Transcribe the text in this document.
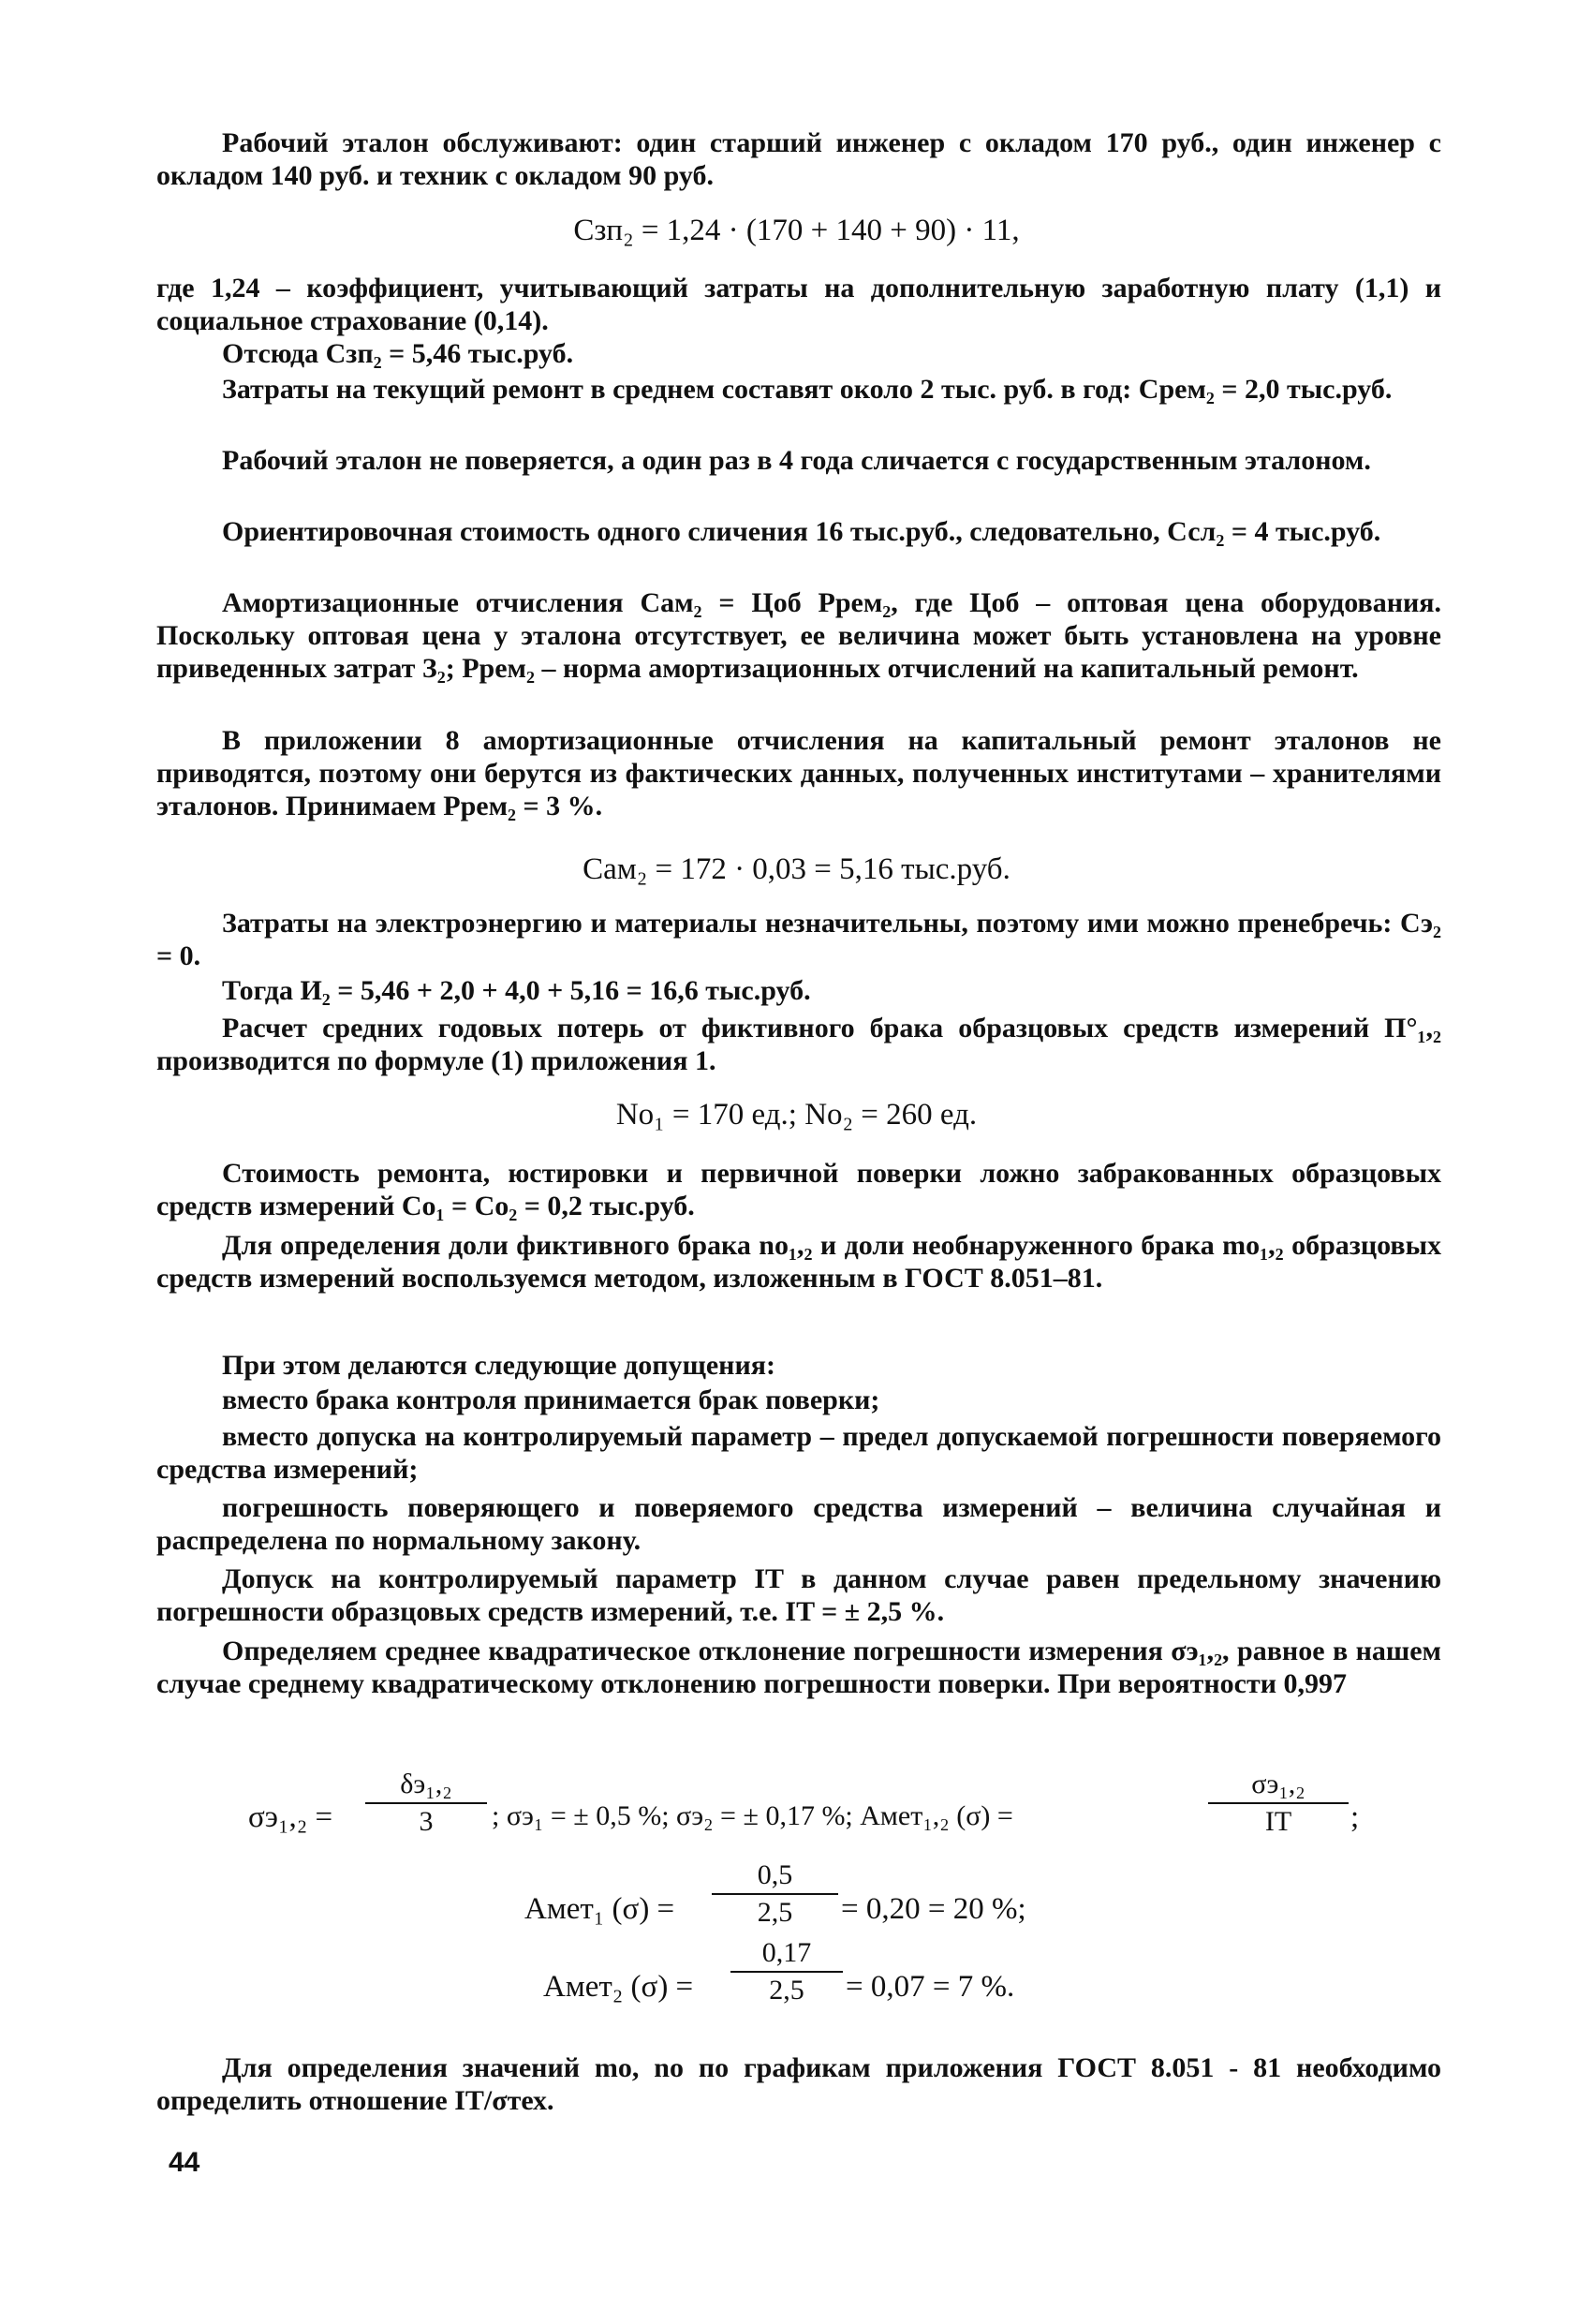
Рабочий эталон обслуживают: один старший инженер с окладом 170 руб., один инженер с окладом 140 руб. и техник с окладом 90 руб.

Сзп₂ = 1,24 · (170 + 140 + 90) · 11,

где 1,24 – коэффициент, учитывающий затраты на дополнительную заработную плату (1,1) и социальное страхование (0,14).

Отсюда Сзп₂ = 5,46 тыс.руб.

Затраты на текущий ремонт в среднем составят около 2 тыс. руб. в год: Срем₂ = 2,0 тыс.руб.

Рабочий эталон не поверяется, а один раз в 4 года сличается с государственным эталоном.

Ориентировочная стоимость одного сличения 16 тыс.руб., следовательно, Ссл₂ = 4 тыс.руб.

Амортизационные отчисления Сам₂ = Цоб Ррем₂, где Цоб – оптовая цена оборудования. Поскольку оптовая цена у эталона отсутствует, ее величина может быть установлена на уровне приведенных затрат З₂; Ррем₂ – норма амортизационных отчислений на капитальный ремонт.

В приложении 8 амортизационные отчисления на капитальный ремонт эталонов не приводятся, поэтому они берутся из фактических данных, полученных институтами – хранителями эталонов. Принимаем Ррем₂ = 3 %.

Сам₂ = 172 · 0,03 = 5,16 тыс.руб.

Затраты на электроэнергию и материалы незначительны, поэтому ими можно пренебречь: Сэ₂ = 0.

Тогда И₂ = 5,46 + 2,0 + 4,0 + 5,16 = 16,6 тыс.руб.

Расчет средних годовых потерь от фиктивного брака образцовых средств измерений П°₁,₂ производится по формуле (1) приложения 1.

Nо₁ = 170 ед.; Nо₂ = 260 ед.

Стоимость ремонта, юстировки и первичной поверки ложно забракованных образцовых средств измерений Со₁ = Со₂ = 0,2 тыс.руб.

Для определения доли фиктивного брака nо₁,₂ и доли необнаруженного брака mо₁,₂ образцовых средств измерений воспользуемся методом, изложенным в ГОСТ 8.051–81.

При этом делаются следующие допущения:

вместо брака контроля принимается брак поверки;

вместо допуска на контролируемый параметр – предел допускаемой погрешности поверяемого средства измерений;

погрешность поверяющего и поверяемого средства измерений – величина случайная и распределена по нормальному закону.

Допуск на контролируемый параметр IT в данном случае равен предельному значению погрешности образцовых средств измерений, т.е. IT = ± 2,5 %.

Определяем среднее квадратическое отклонение погрешности измерения σэ₁,₂, равное в нашем случае среднему квадратическому отклонению погрешности поверки. При вероятности 0,997

σэ₁,₂ =
δэ₁,₂
3	; σэ₁ = ± 0,5 %; σэ₂ = ± 0,17 %; Амет₁,₂ (σ) =
σэ₁,₂
IT	;
Амет₁ $(\sigma) = \frac{0,5}{2,5} = 0,20 = 20$ %;
Амет₂ $(\sigma) = \frac{0,17}{2,5} = 0,07 = 7$ %.

Для определения значений mо, nо по графикам приложения ГОСТ 8.051 - 81 необходимо определить отношение IT/σтех.

44
